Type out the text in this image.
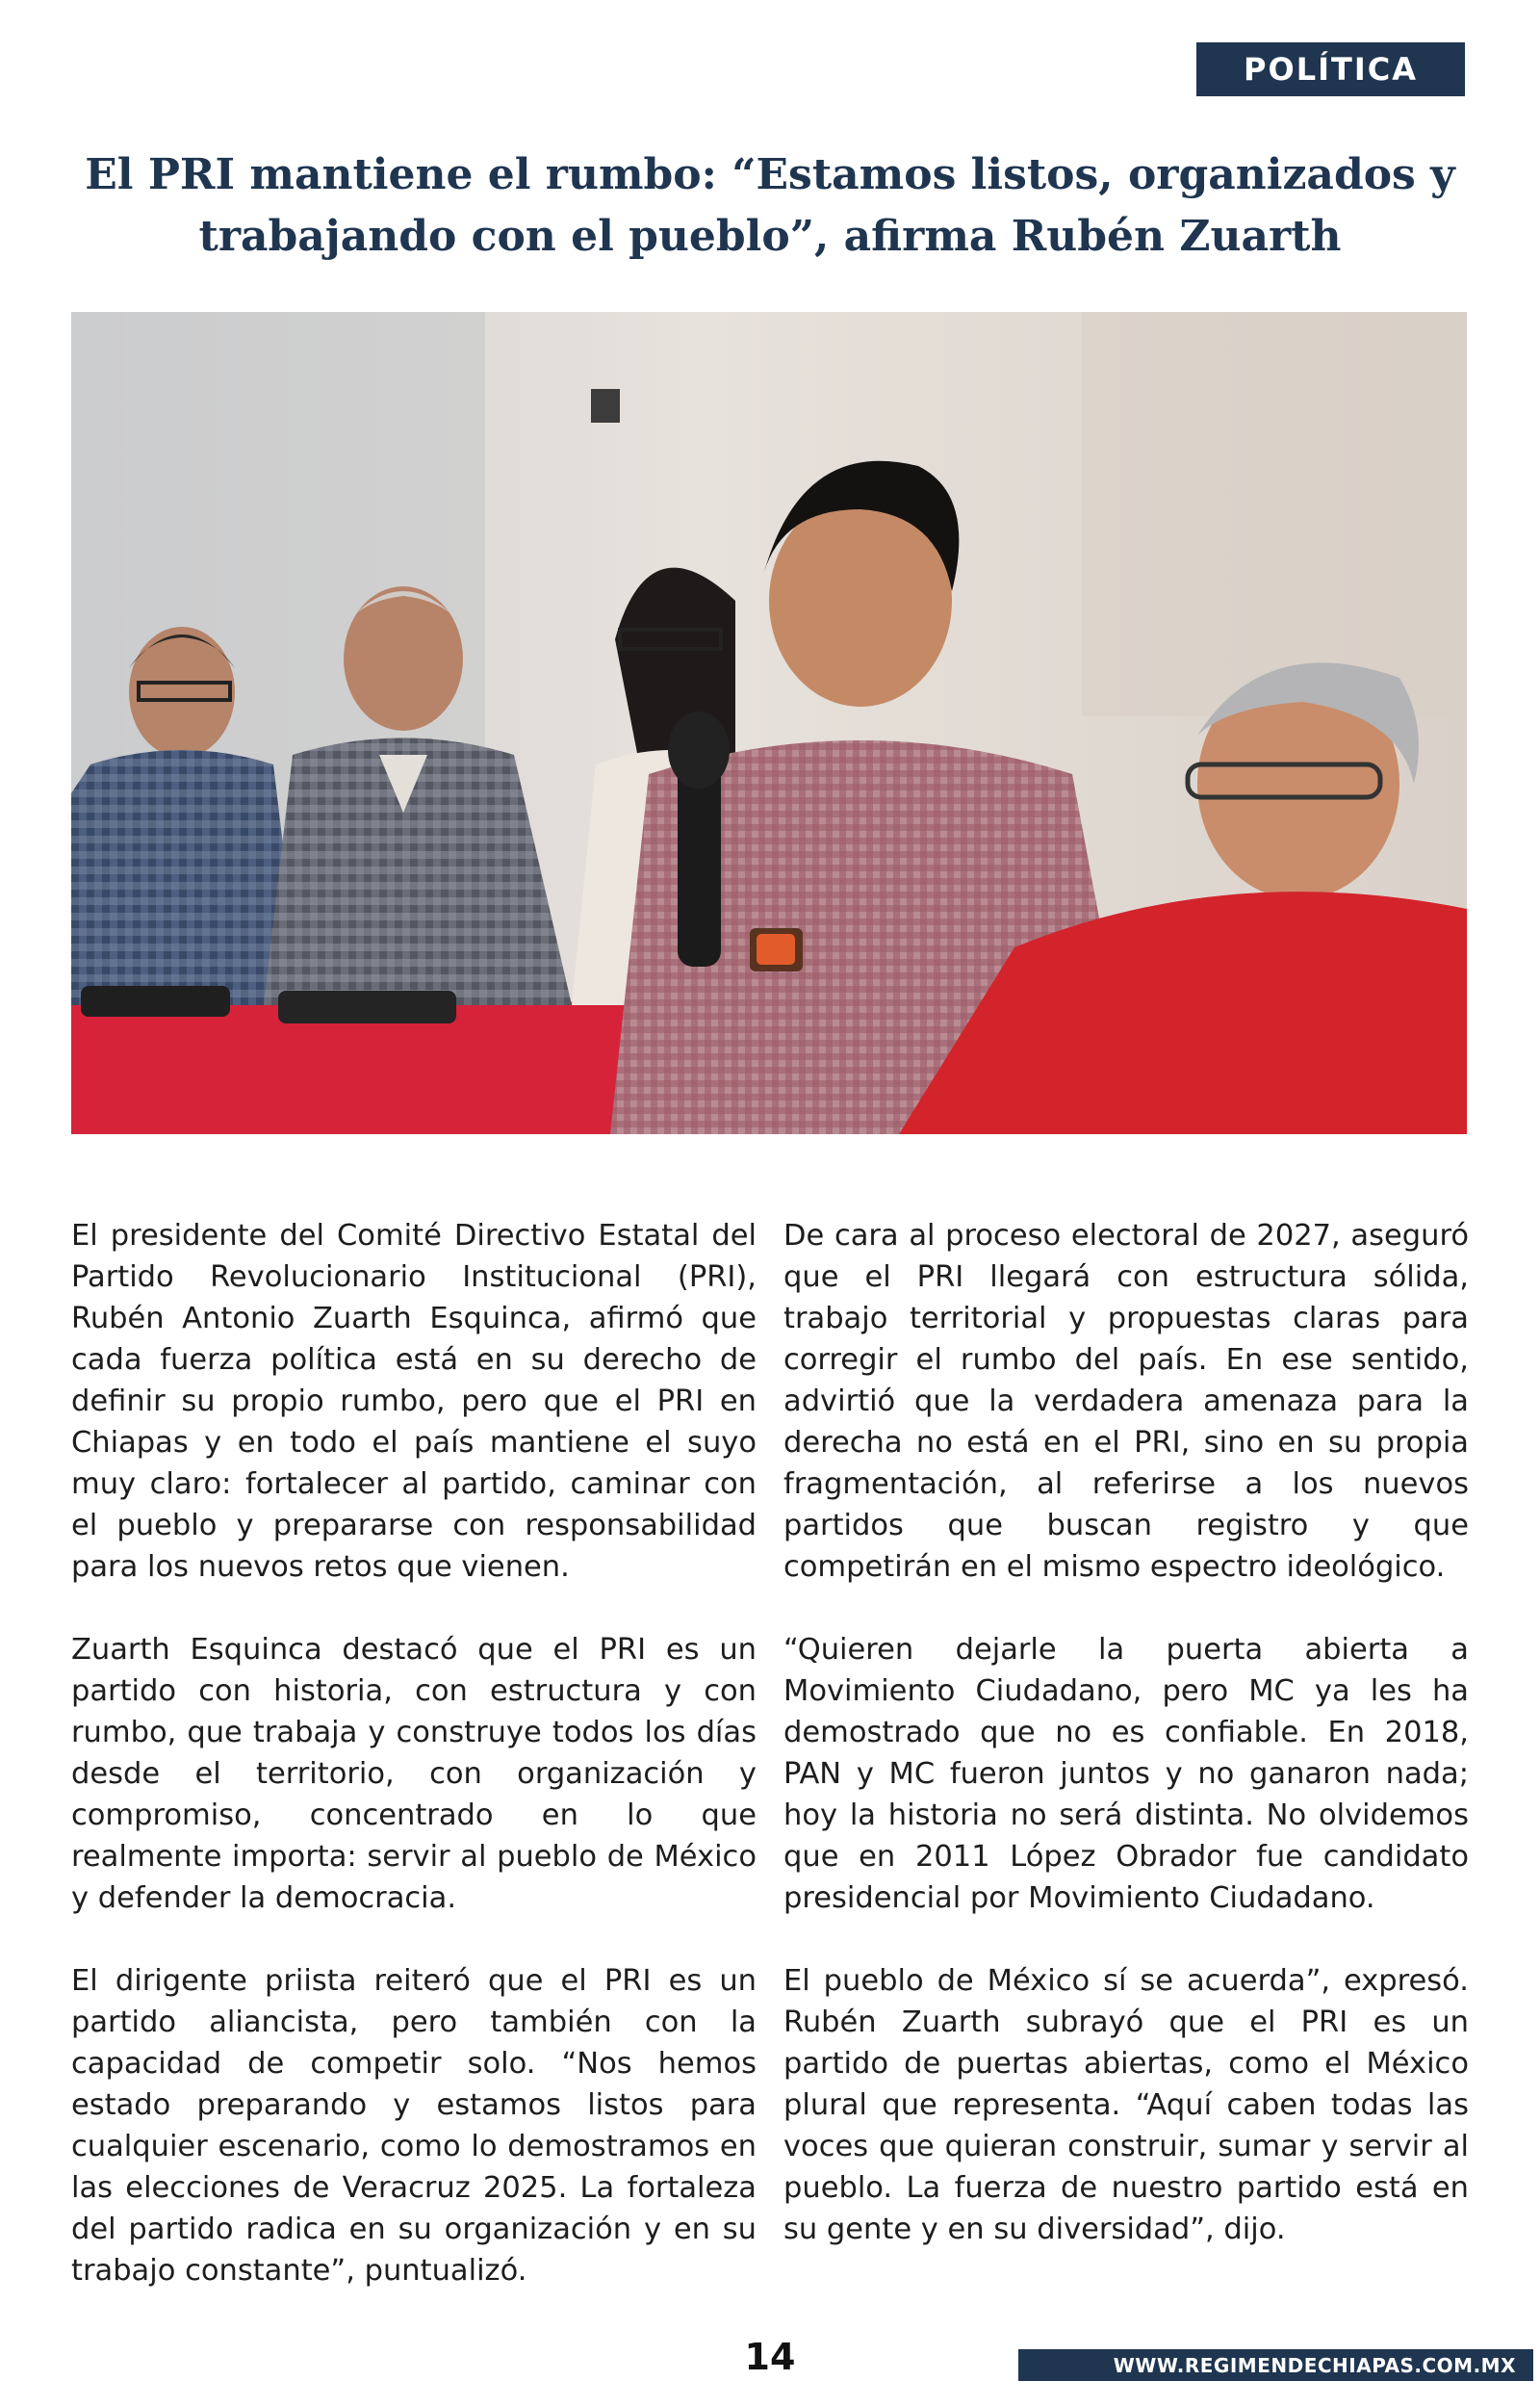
POLÍTICA
El PRI mantiene el rumbo: “Estamos listos, organizados y trabajando con el pueblo”, afirma Rubén Zuarth

El presidente del Comité Directivo Estatal del Partido Revolucionario Institucional (PRI), Rubén Antonio Zuarth Esquinca, afirmó que cada fuerza política está en su derecho de definir su propio rumbo, pero que el PRI en Chiapas y en todo el país mantiene el suyo muy claro: fortalecer al partido, caminar con el pueblo y prepararse con responsabilidad para los nuevos retos que vienen.

Zuarth Esquinca destacó que el PRI es un partido con historia, con estructura y con rumbo, que trabaja y construye todos los días desde el territorio, con organización y compromiso, concentrado en lo que realmente importa: servir al pueblo de México y defender la democracia.

El dirigente priista reiteró que el PRI es un partido aliancista, pero también con la capacidad de competir solo. “Nos hemos estado preparando y estamos listos para cualquier escenario, como lo demostramos en las elecciones de Veracruz 2025. La fortaleza del partido radica en su organización y en su trabajo constante”, puntualizó.

De cara al proceso electoral de 2027, aseguró que el PRI llegará con estructura sólida, trabajo territorial y propuestas claras para corregir el rumbo del país. En ese sentido, advirtió que la verdadera amenaza para la derecha no está en el PRI, sino en su propia fragmentación, al referirse a los nuevos partidos que buscan registro y que competirán en el mismo espectro ideológico.

“Quieren dejarle la puerta abierta a Movimiento Ciudadano, pero MC ya les ha demostrado que no es confiable. En 2018, PAN y MC fueron juntos y no ganaron nada; hoy la historia no será distinta. No olvidemos que en 2011 López Obrador fue candidato presidencial por Movimiento Ciudadano.

El pueblo de México sí se acuerda”, expresó. Rubén Zuarth subrayó que el PRI es un partido de puertas abiertas, como el México plural que representa. “Aquí caben todas las voces que quieran construir, sumar y servir al pueblo. La fuerza de nuestro partido está en su gente y en su diversidad”, dijo.

14	WWW.REGIMENDECHIAPAS.COM.MX
